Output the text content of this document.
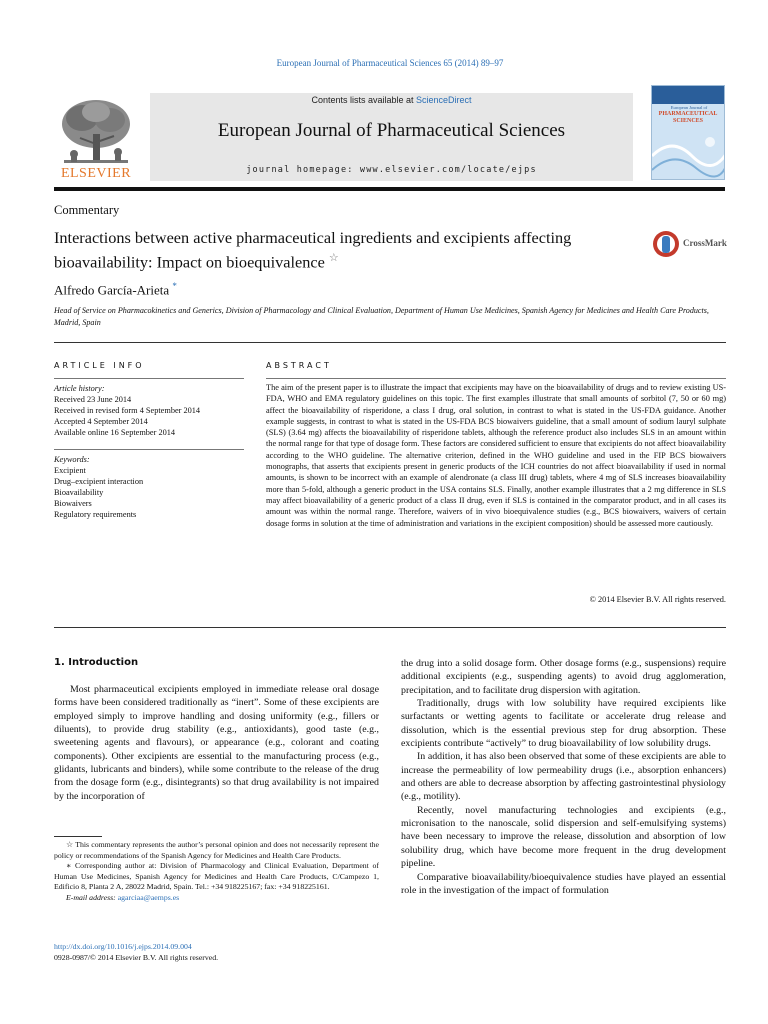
European Journal of Pharmaceutical Sciences 65 (2014) 89–97
ELSEVIER
Contents lists available at ScienceDirect
European Journal of Pharmaceutical Sciences
journal homepage: www.elsevier.com/locate/ejps
European Journal of
PHARMACEUTICAL
SCIENCES
Commentary
Interactions between active pharmaceutical ingredients and excipients affecting bioavailability: Impact on bioequivalence ☆
CrossMark
Alfredo García-Arieta *
Head of Service on Pharmacokinetics and Generics, Division of Pharmacology and Clinical Evaluation, Department of Human Use Medicines, Spanish Agency for Medicines and Health Care Products, Madrid, Spain
ARTICLE INFO
Article history:
Received 23 June 2014
Received in revised form 4 September 2014
Accepted 4 September 2014
Available online 16 September 2014
Keywords:
Excipient
Drug–excipient interaction
Bioavailability
Biowaivers
Regulatory requirements
ABSTRACT
The aim of the present paper is to illustrate the impact that excipients may have on the bioavailability of drugs and to review existing US-FDA, WHO and EMA regulatory guidelines on this topic. The first examples illustrate that small amounts of sorbitol (7, 50 or 60 mg) affect the bioavailability of risperidone, a class I drug, oral solution, in contrast to what is stated in the US-FDA guidance. Another example suggests, in contrast to what is stated in the US-FDA BCS biowaivers guideline, that a small amount of sodium lauryl sulphate (SLS) (3.64 mg) affects the bioavailability of risperidone tablets, although the reference product also includes SLS in an amount within the normal range for that type of dosage form. These factors are considered sufficient to ensure that excipients do not affect bioavailability according to the WHO guideline. The alternative criterion, defined in the WHO guideline and used in the FIP BCS biowaivers monographs, that asserts that excipients present in generic products of the ICH countries do not affect bioavailability if used in normal amounts, is shown to be incorrect with an example of alendronate (a class III drug) tablets, where 4 mg of SLS increases bioavailability more than 5-fold, although a generic product in the USA contains SLS. Finally, another example illustrates that a 2 mg difference in SLS may affect bioavailability of a generic product of a class II drug, even if SLS is contained in the comparator product, and in all cases its amount was within the normal range. Therefore, waivers of in vivo bioequivalence studies (e.g., BCS biowaivers, waivers of certain dosage forms in solution at the time of administration and variations in the excipient composition) should be assessed more cautiously.
© 2014 Elsevier B.V. All rights reserved.
1. Introduction

Most pharmaceutical excipients employed in immediate release oral dosage forms have been considered traditionally as “inert”. Some of these excipients are employed simply to improve handling and dosing uniformity (e.g., fillers or diluents), to provide drug stability (e.g., antioxidants), good taste (e.g., sweetening agents and flavours), or appearance (e.g., colorant and coating components). Other excipients are essential to the manufacturing process (e.g., glidants, lubricants and binders), while some contribute to the release of the drug from the dosage form (e.g., disintegrants) so that drug availability is not impaired by the incorporation of

☆ This commentary represents the author’s personal opinion and does not necessarily represent the policy or recommendations of the Spanish Agency for Medicines and Health Care Products.

∗ Corresponding author at: Division of Pharmacology and Clinical Evaluation, Department of Human Use Medicines, Spanish Agency for Medicines and Health Care Products, C/Campezo 1, Edificio 8, Planta 2 A, 28022 Madrid, Spain. Tel.: +34 918225167; fax: +34 918225161.

E-mail address: agarciaa@aemps.es

http://dx.doi.org/10.1016/j.ejps.2014.09.004
0928-0987/© 2014 Elsevier B.V. All rights reserved.

the drug into a solid dosage form. Other dosage forms (e.g., suspensions) require additional excipients (e.g., suspending agents) to avoid drug agglomeration, precipitation, and to facilitate drug dispersion with agitation.

Traditionally, drugs with low solubility have required excipients like surfactants or wetting agents to facilitate or accelerate drug release and dissolution, which is the essential previous step for drug absorption. These excipients contribute “actively” to drug bioavailability of low solubility drugs.

In addition, it has also been observed that some of these excipients are able to increase the permeability of low permeability drugs (i.e., absorption enhancers) and others are able to decrease absorption by affecting gastrointestinal physiology (e.g., motility).

Recently, novel manufacturing technologies and excipients (e.g., micronisation to the nanoscale, solid dispersion and self-emulsifying systems) have been necessary to improve the release, dissolution and absorption of low solubility drug, which have become more frequent in the drug development pipeline.

Comparative bioavailability/bioequivalence studies have played an essential role in the investigation of the impact of formulation
